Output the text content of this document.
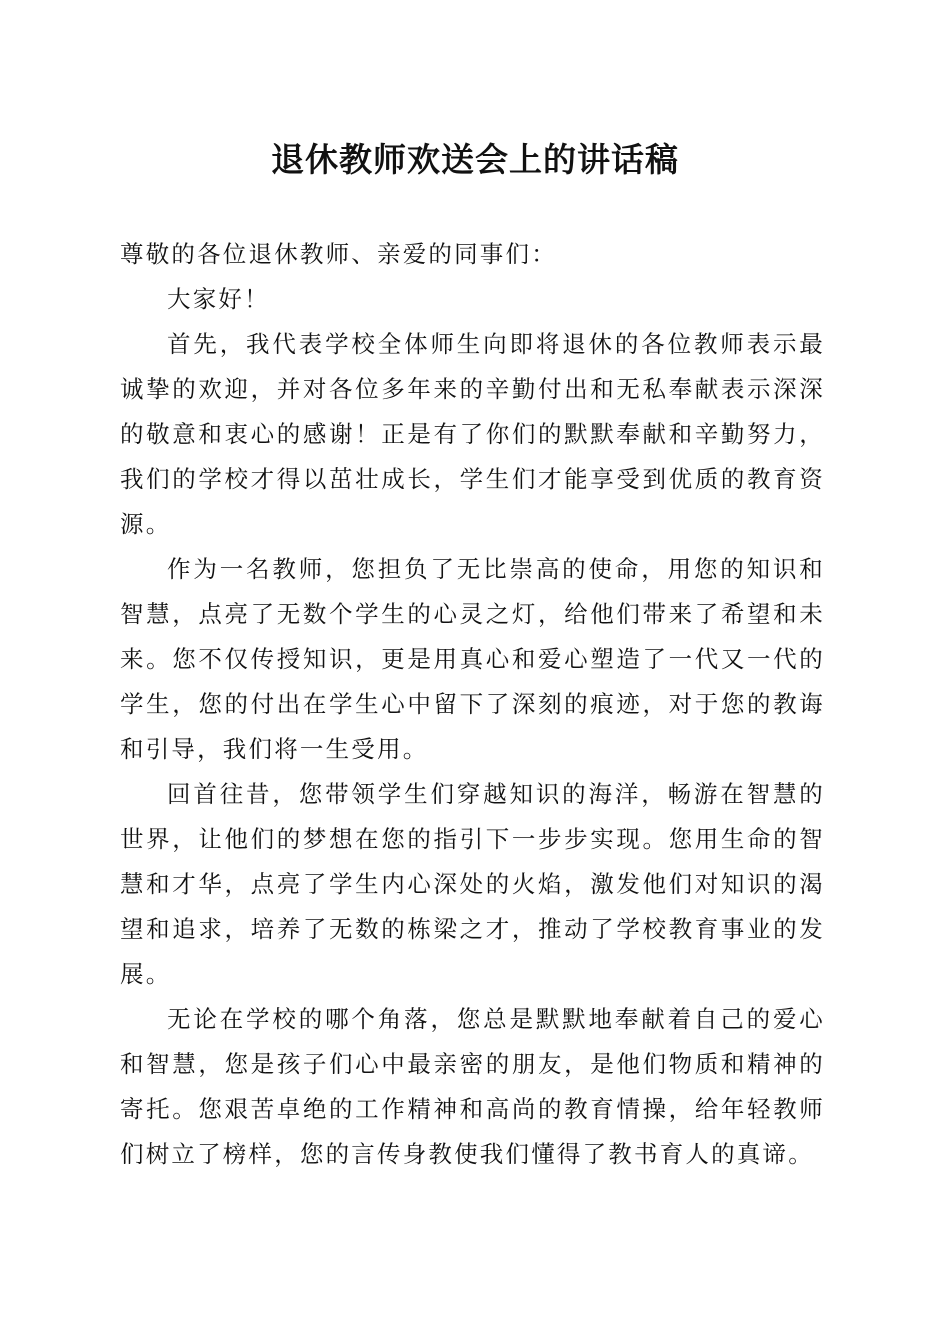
退休教师欢送会上的讲话稿

尊敬的各位退休教师、亲爱的同事们：

大家好！

首先，我代表学校全体师生向即将退休的各位教师表示最诚挚的欢迎，并对各位多年来的辛勤付出和无私奉献表示深深的敬意和衷心的感谢！正是有了你们的默默奉献和辛勤努力，我们的学校才得以茁壮成长，学生们才能享受到优质的教育资源。

作为一名教师，您担负了无比崇高的使命，用您的知识和智慧，点亮了无数个学生的心灵之灯，给他们带来了希望和未来。您不仅传授知识，更是用真心和爱心塑造了一代又一代的学生，您的付出在学生心中留下了深刻的痕迹，对于您的教诲和引导，我们将一生受用。

回首往昔，您带领学生们穿越知识的海洋，畅游在智慧的世界，让他们的梦想在您的指引下一步步实现。您用生命的智慧和才华，点亮了学生内心深处的火焰，激发他们对知识的渴望和追求，培养了无数的栋梁之才，推动了学校教育事业的发展。

无论在学校的哪个角落，您总是默默地奉献着自己的爱心和智慧，您是孩子们心中最亲密的朋友，是他们物质和精神的寄托。您艰苦卓绝的工作精神和高尚的教育情操，给年轻教师们树立了榜样，您的言传身教使我们懂得了教书育人的真谛。
